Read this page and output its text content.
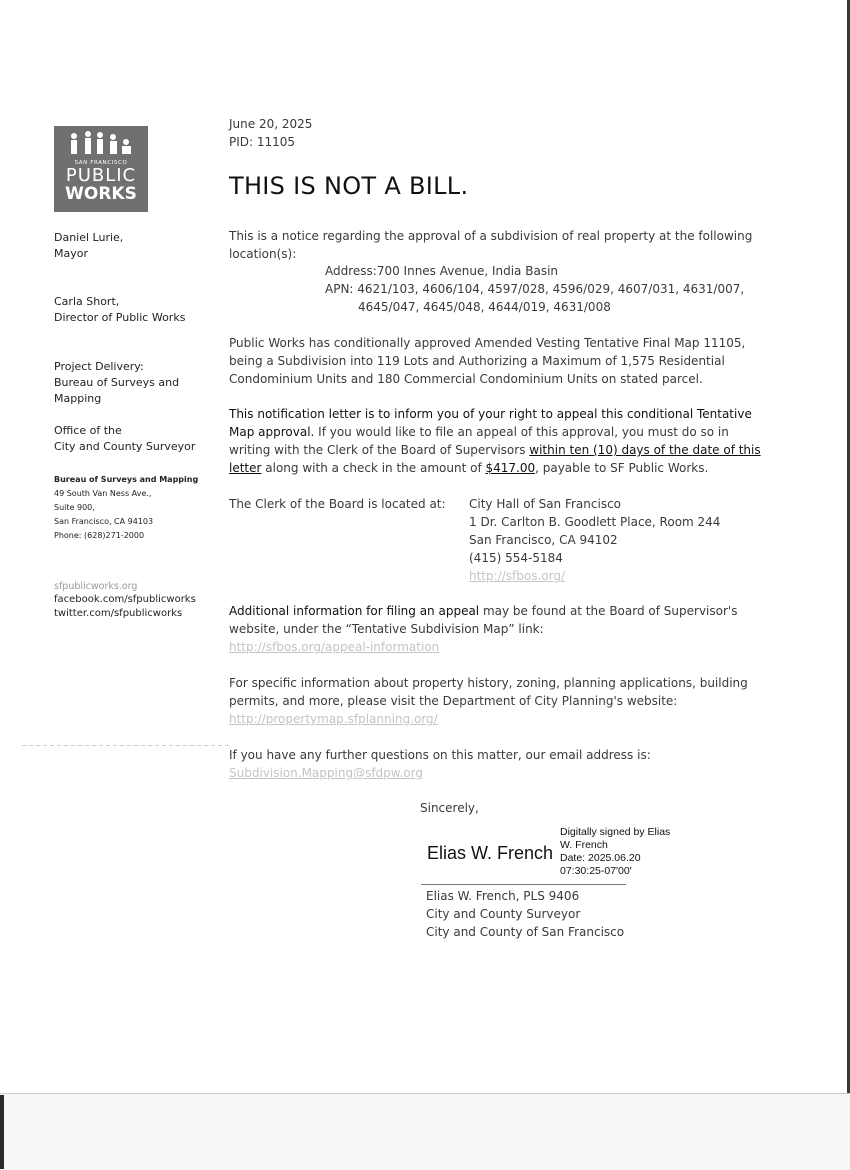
SAN FRANCISCO
PUBLIC
WORKS
Daniel Lurie,
Mayor
Carla Short,
Director of Public Works
Project Delivery:
Bureau of Surveys and
Mapping
Office of the
City and County Surveyor
Bureau of Surveys and Mapping
49 South Van Ness Ave.,
Suite 900,
San Francisco, CA 94103
Phone: (628)271-2000
sfpublicworks.org
facebook.com/sfpublicworks
twitter.com/sfpublicworks
June 20, 2025
PID: 11105
THIS IS NOT A BILL.
This is a notice regarding the approval of a subdivision of real property at the following
location(s):
Address:700 Innes Avenue, India Basin
APN: 4621/103, 4606/104, 4597/028, 4596/029, 4607/031, 4631/007,
4645/047, 4645/048, 4644/019, 4631/008
Public Works has conditionally approved Amended Vesting Tentative Final Map 11105,
being a Subdivision into 119 Lots and Authorizing a Maximum of 1,575 Residential
Condominium Units and 180 Commercial Condominium Units on stated parcel.
This notification letter is to inform you of your right to appeal this conditional Tentative
Map approval. If you would like to file an appeal of this approval, you must do so in
writing with the Clerk of the Board of Supervisors within ten (10) days of the date of this
letter along with a check in the amount of $417.00, payable to SF Public Works.
The Clerk of the Board is located at: City Hall of San Francisco
1 Dr. Carlton B. Goodlett Place, Room 244
San Francisco, CA 94102
(415) 554-5184
http://sfbos.org/
Additional information for filing an appeal may be found at the Board of Supervisor's
website, under the “Tentative Subdivision Map” link:
http://sfbos.org/appeal-information
For specific information about property history, zoning, planning applications, building
permits, and more, please visit the Department of City Planning's website:
http://propertymap.sfplanning.org/
If you have any further questions on this matter, our email address is:
Subdivision.Mapping@sfdpw.org
Sincerely,
Elias W. French
Digitally signed by Elias
W. French
Date: 2025.06.20
07:30:25-07'00'
Elias W. French, PLS 9406
City and County Surveyor
City and County of San Francisco
